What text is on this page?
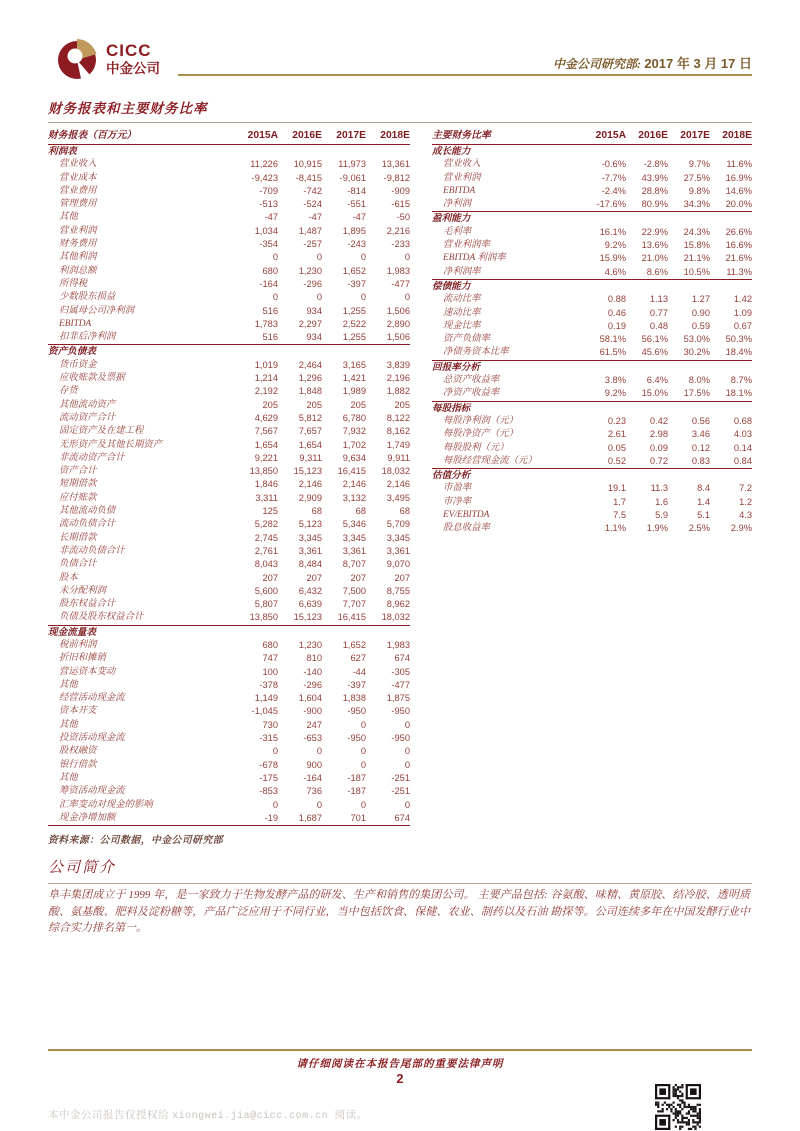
CICC
中金公司	中金公司研究部: 2017 年 3 月 17 日
财务报表和主要财务比率
财务报表（百万元）	2015A	2016E	2017E	2018E
利润表
营业收入	11,226	10,915	11,973	13,361
营业成本	-9,423	-8,415	-9,061	-9,812
营业费用	-709	-742	-814	-909
管理费用	-513	-524	-551	-615
其他	-47	-47	-47	-50
营业利润	1,034	1,487	1,895	2,216
财务费用	-354	-257	-243	-233
其他利润	0	0	0	0
利润总额	680	1,230	1,652	1,983
所得税	-164	-296	-397	-477
少数股东损益	0	0	0	0
归属母公司净利润	516	934	1,255	1,506
EBITDA	1,783	2,297	2,522	2,890
扣非后净利润	516	934	1,255	1,506
资产负债表
货币资金	1,019	2,464	3,165	3,839
应收账款及票据	1,214	1,296	1,421	2,196
存货	2,192	1,848	1,989	1,882
其他流动资产	205	205	205	205
流动资产合计	4,629	5,812	6,780	8,122
固定资产及在建工程	7,567	7,657	7,932	8,162
无形资产及其他长期资产	1,654	1,654	1,702	1,749
非流动资产合计	9,221	9,311	9,634	9,911
资产合计	13,850	15,123	16,415	18,032
短期借款	1,846	2,146	2,146	2,146
应付账款	3,311	2,909	3,132	3,495
其他流动负债	125	68	68	68
流动负债合计	5,282	5,123	5,346	5,709
长期借款	2,745	3,345	3,345	3,345
非流动负债合计	2,761	3,361	3,361	3,361
负债合计	8,043	8,484	8,707	9,070
股本	207	207	207	207
未分配利润	5,600	6,432	7,500	8,755
股东权益合计	5,807	6,639	7,707	8,962
负债及股东权益合计	13,850	15,123	16,415	18,032
现金流量表
税前利润	680	1,230	1,652	1,983
折旧和摊销	747	810	627	674
营运资本变动	100	-140	-44	-305
其他	-378	-296	-397	-477
经营活动现金流	1,149	1,604	1,838	1,875
资本开支	-1,045	-900	-950	-950
其他	730	247	0	0
投资活动现金流	-315	-653	-950	-950
股权融资	0	0	0	0
银行借款	-678	900	0	0
其他	-175	-164	-187	-251
筹资活动现金流	-853	736	-187	-251
汇率变动对现金的影响	0	0	0	0
现金净增加额	-19	1,687	701	674
主要财务比率	2015A	2016E	2017E	2018E
成长能力
营业收入	-0.6%	-2.8%	9.7%	11.6%
营业利润	-7.7%	43.9%	27.5%	16.9%
EBITDA	-2.4%	28.8%	9.8%	14.6%
净利润	-17.6%	80.9%	34.3%	20.0%
盈利能力
毛利率	16.1%	22.9%	24.3%	26.6%
营业利润率	9.2%	13.6%	15.8%	16.6%
EBITDA 利润率	15.9%	21.0%	21.1%	21.6%
净利润率	4.6%	8.6%	10.5%	11.3%
偿债能力
流动比率	0.88	1.13	1.27	1.42
速动比率	0.46	0.77	0.90	1.09
现金比率	0.19	0.48	0.59	0.67
资产负债率	58.1%	56.1%	53.0%	50.3%
净债务资本比率	61.5%	45.6%	30.2%	18.4%
回报率分析
总资产收益率	3.8%	6.4%	8.0%	8.7%
净资产收益率	9.2%	15.0%	17.5%	18.1%
每股指标
每股净利润（元）	0.23	0.42	0.56	0.68
每股净资产（元）	2.61	2.98	3.46	4.03
每股股利（元）	0.05	0.09	0.12	0.14
每股经营现金流（元）	0.52	0.72	0.83	0.84
估值分析
市盈率	19.1	11.3	8.4	7.2
市净率	1.7	1.6	1.4	1.2
EV/EBITDA	7.5	5.9	5.1	4.3
股息收益率	1.1%	1.9%	2.5%	2.9%
资料来源：公司数据，中金公司研究部
公司简介
阜丰集团成立于 1999 年，是一家致力于生物发酵产品的研发、生产和销售的集团公司。 主要产品包括: 谷氨酸、味精、黄原胶、结冷胶、透明质酸、氨基酸、肥料及淀粉糖等，产品广泛应用于不同行业，当中包括饮食、保健、农业、制药以及石油 勘探等。公司连续多年在中国发酵行业中综合实力排名第一。
请仔细阅读在本报告尾部的重要法律声明
2
本中金公司报告仅授权给 xiongwei.jia@cicc.com.cn 阅读。
